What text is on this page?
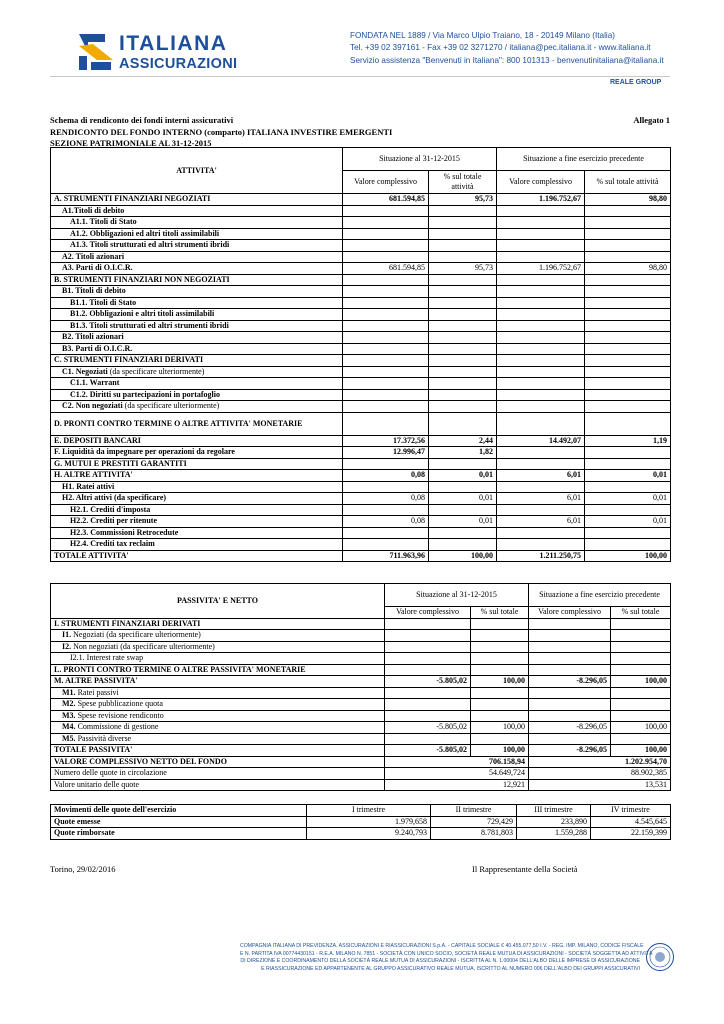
ITALIANA
ASSICURAZIONI
FONDATA NEL 1889 / Via Marco Ulpio Traiano, 18 - 20149 Milano (Italia)
Tel. +39 02 397161 - Fax +39 02 3271270 / italiana@pec.italiana.it - www.italiana.it
Servizio assistenza "Benvenuti in Italiana": 800 101313 - benvenutinitaliana@italiana.it
REALE GROUP
Schema di rendiconto dei fondi interni assicurativi
RENDICONTO DEL FONDO INTERNO (comparto) ITALIANA INVESTIRE EMERGENTI
SEZIONE PATRIMONIALE AL 31-12-2015
Allegato 1
ATTIVITA'	Situazione al 31-12-2015		Situazione a fine esercizio precedente	
	Valore complessivo	% sul totale attività	Valore complessivo	% sul totale attività
A. STRUMENTI FINANZIARI NEGOZIATI	681.594,85	95,73	1.196.752,67	98,80
A1.Titoli di debito				
A1.1. Titoli di Stato				
A1.2. Obbligazioni ed altri titoli assimilabili				
A1.3. Titoli strutturati ed altri strumenti ibridi				
A2. Titoli azionari				
A3. Parti di O.I.C.R.	681.594,85	95,73	1.196.752,67	98,80
B. STRUMENTI FINANZIARI NON NEGOZIATI				
B1. Titoli di debito				
B1.1. Titoli di Stato				
B1.2. Obbligazioni e altri titoli assimilabili				
B1.3. Titoli strutturati ed altri strumenti ibridi				
B2. Titoli azionari				
B3. Parti di O.I.C.R.				
C. STRUMENTI FINANZIARI DERIVATI				
C1. Negoziati (da specificare ulteriormente)				
C1.1. Warrant				
C1.2. Diritti su partecipazioni in portafoglio				
C2. Non negoziati (da specificare ulteriormente)				
D. PRONTI CONTRO TERMINE O ALTRE ATTIVITA' MONETARIE				
E. DEPOSITI BANCARI	17.372,56	2,44	14.492,07	1,19
F. Liquidità da impegnare per operazioni da regolare	12.996,47	1,82		
G. MUTUI E PRESTITI GARANTITI				
H. ALTRE ATTIVITA'	0,08	0,01	6,01	0,01
H1. Ratei attivi				
H2. Altri attivi (da specificare)	0,08	0,01	6,01	0,01
H2.1. Crediti d'imposta				
H2.2. Crediti per ritenute	0,08	0,01	6,01	0,01
H2.3. Commissioni Retrocedute				
H2.4. Crediti tax reclaim				
TOTALE ATTIVITA'	711.963,96	100,00	1.211.250,75	100,00
PASSIVITA' E NETTO	Situazione al 31-12-2015		Situazione a fine esercizio precedente	
	Valore complessivo	% sul totale	Valore complessivo	% sul totale
I. STRUMENTI FINANZIARI DERIVATI				
I1. Negoziati (da specificare ulteriormente)				
I2. Non negoziati (da specificare ulteriormente)				
I2.1. Interest rate swap				
L. PRONTI CONTRO TERMINE O ALTRE PASSIVITA' MONETARIE				
M. ALTRE PASSIVITA'	-5.805,02	100,00	-8.296,05	100,00
M1. Ratei passivi				
M2. Spese pubblicazione quota				
M3. Spese revisione rendiconto				
M4. Commissione di gestione	-5.805,02	100,00	-8.296,05	100,00
M5. Passività diverse				
TOTALE PASSIVITA'	-5.805,02	100,00	-8.296,05	100,00
VALORE COMPLESSIVO NETTO DEL FONDO	706.158,94		1.202.954,70	
Numero delle quote in circolazione	54.649,724		88.902,385	
Valore unitario delle quote	12,921		13,531	
Movimenti delle quote dell'esercizio	I trimestre	II trimestre	III trimestre	IV trimestre
Quote emesse	1.979,658	729,429	233,890	4.545,645
Quote rimborsate	9.240,793	8.781,803	1.559,288	22.159,399
Torino, 29/02/2016	Il Rappresentante della Società
COMPAGNIA ITALIANA DI PREVIDENZA, ASSICURAZIONI E RIASSICURAZIONI S.p.A. - CAPITALE SOCIALE € 40.455.077,50 I.V. - REG. IMP. MILANO, CODICE FISCALE
E N. PARTITA IVA 00774430151 - R.E.A. MILANO N. 7851 - SOCIETÀ CON UNICO SOCIO, SOCIETÀ REALE MUTUA DI ASSICURAZIONI - SOCIETÀ SOGGETTA AD ATTIVITÀ
DI DIREZIONE E COORDINAMENTO DELLA SOCIETÀ REALE MUTUA DI ASSICURAZIONI - ISCRITTA AL N. 1.00004 DELL'ALBO DELLE IMPRESE DI ASSICURAZIONE
E RIASSICURAZIONE ED APPARTENENTE AL GRUPPO ASSICURATIVO REALE MUTUA, ISCRITTO AL NUMERO 006 DELL'ALBO DEI GRUPPI ASSICURATIVI
